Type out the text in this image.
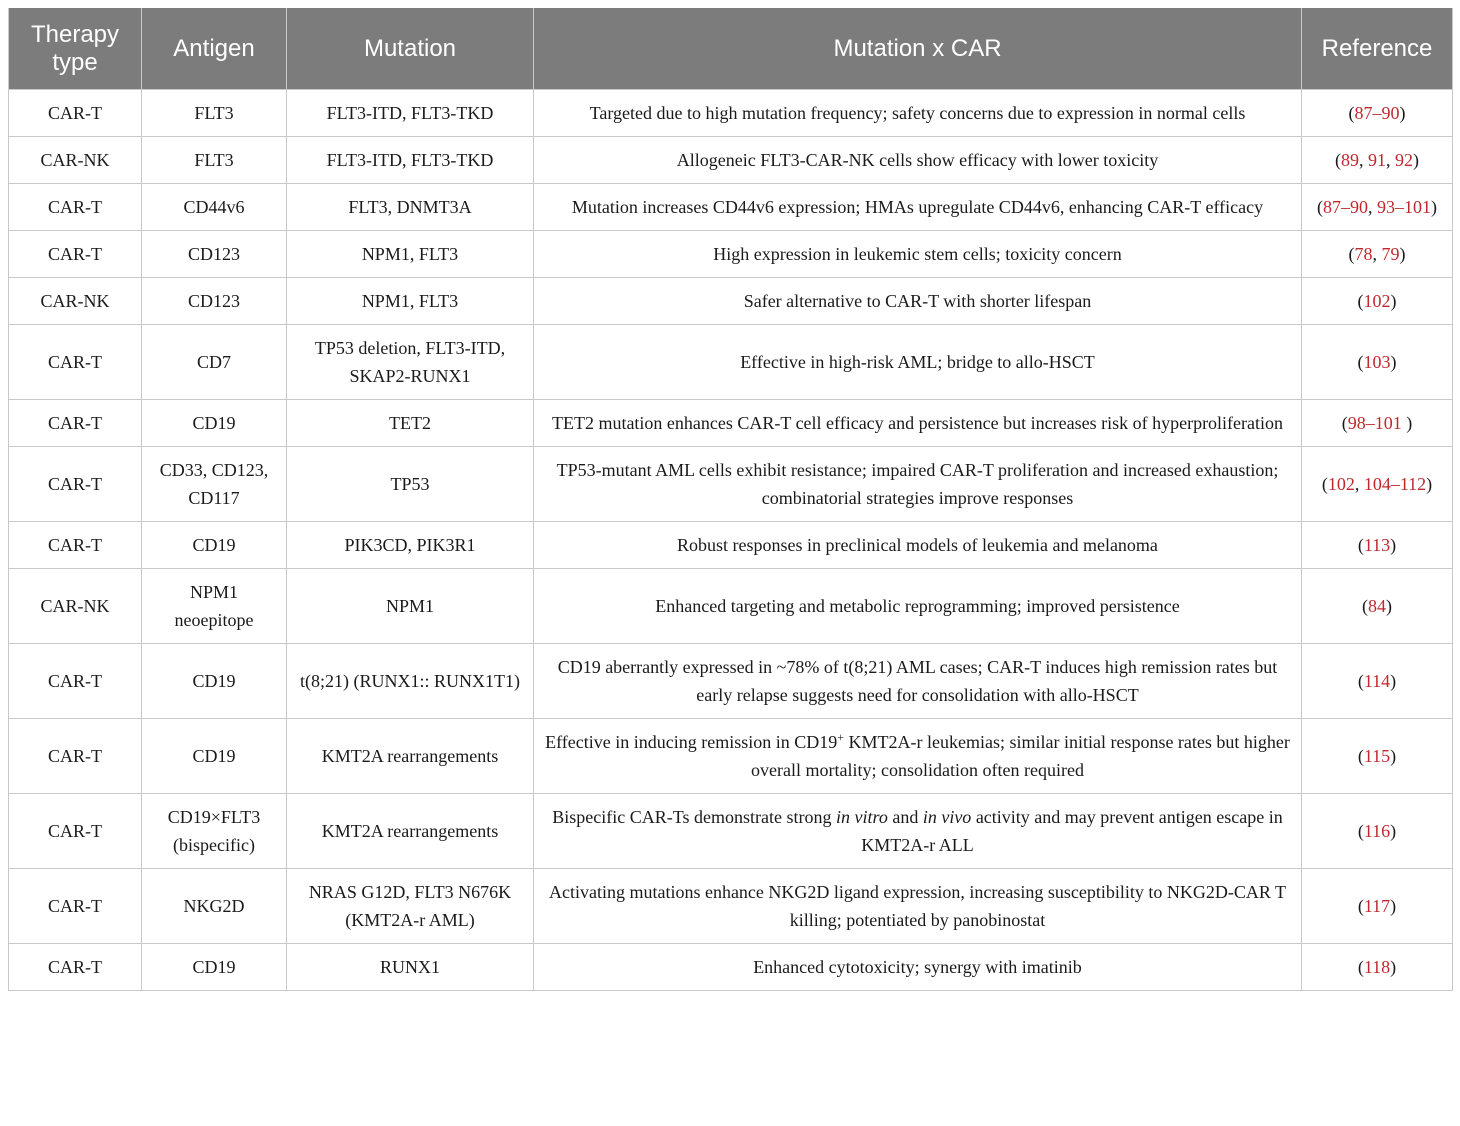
Therapy type	Antigen	Mutation	Mutation x CAR	Reference
CAR-T	FLT3	FLT3-ITD, FLT3-TKD	Targeted due to high mutation frequency; safety concerns due to expression in normal cells	(87–90)
CAR-NK	FLT3	FLT3-ITD, FLT3-TKD	Allogeneic FLT3-CAR-NK cells show efficacy with lower toxicity	(89, 91, 92)
CAR-T	CD44v6	FLT3, DNMT3A	Mutation increases CD44v6 expression; HMAs upregulate CD44v6, enhancing CAR-T efficacy	(87–90, 93–101)
CAR-T	CD123	NPM1, FLT3	High expression in leukemic stem cells; toxicity concern	(78, 79)
CAR-NK	CD123	NPM1, FLT3	Safer alternative to CAR-T with shorter lifespan	(102)
CAR-T	CD7	TP53 deletion, FLT3-ITD, SKAP2-RUNX1	Effective in high-risk AML; bridge to allo-HSCT	(103)
CAR-T	CD19	TET2	TET2 mutation enhances CAR-T cell efficacy and persistence but increases risk of hyperproliferation	(98–101 )
CAR-T	CD33, CD123, CD117	TP53	TP53-mutant AML cells exhibit resistance; impaired CAR-T proliferation and increased exhaustion; combinatorial strategies improve responses	(102, 104–112)
CAR-T	CD19	PIK3CD, PIK3R1	Robust responses in preclinical models of leukemia and melanoma	(113)
CAR-NK	NPM1 neoepitope	NPM1	Enhanced targeting and metabolic reprogramming; improved persistence	(84)
CAR-T	CD19	t(8;21) (RUNX1:: RUNX1T1)	CD19 aberrantly expressed in ~78% of t(8;21) AML cases; CAR-T induces high remission rates but early relapse suggests need for consolidation with allo-HSCT	(114)
CAR-T	CD19	KMT2A rearrangements	Effective in inducing remission in CD19+ KMT2A-r leukemias; similar initial response rates but higher overall mortality; consolidation often required	(115)
CAR-T	CD19×FLT3 (bispecific)	KMT2A rearrangements	Bispecific CAR-Ts demonstrate strong in vitro and in vivo activity and may prevent antigen escape in KMT2A-r ALL	(116)
CAR-T	NKG2D	NRAS G12D, FLT3 N676K (KMT2A-r AML)	Activating mutations enhance NKG2D ligand expression, increasing susceptibility to NKG2D-CAR T killing; potentiated by panobinostat	(117)
CAR-T	CD19	RUNX1	Enhanced cytotoxicity; synergy with imatinib	(118)
